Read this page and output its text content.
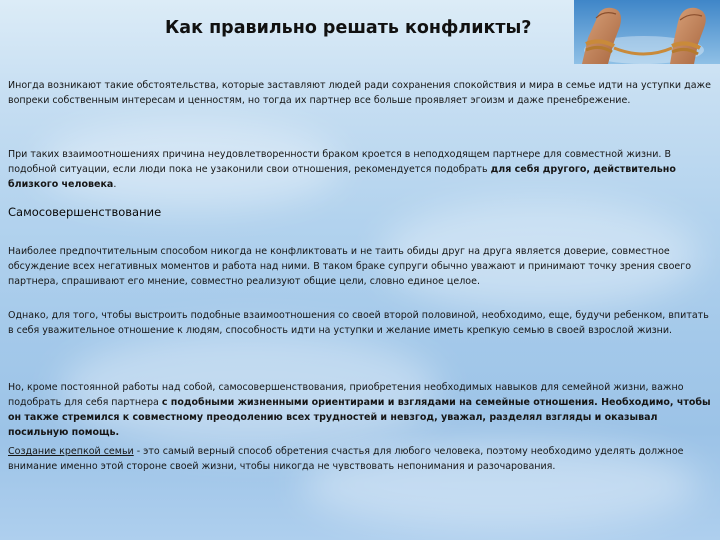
Как правильно решать конфликты?

Иногда возникают такие обстоятельства, которые заставляют людей ради сохранения спокойствия и мира в семье идти на уступки даже вопреки собственным интересам и ценностям, но тогда их партнер все больше проявляет эгоизм и даже пренебрежение.

При таких взаимоотношениях причина неудовлетворенности браком кроется в неподходящем партнере для совместной жизни. В подобной ситуации, если люди пока не узаконили свои отношения, рекомендуется подобрать для себя другого, действительно близкого человека.

Самосовершенствование

Наиболее предпочтительным способом никогда не конфликтовать и не таить обиды друг на друга является доверие, совместное обсуждение всех негативных моментов и работа над ними. В таком браке супруги обычно уважают и принимают точку зрения своего партнера, спрашивают его мнение, совместно реализуют общие цели, словно единое целое.

Однако, для того, чтобы выстроить подобные взаимоотношения со своей второй половиной, необходимо, еще, будучи ребенком, впитать в себя уважительное отношение к людям, способность идти на уступки и желание иметь крепкую семью в своей взрослой жизни.

Но, кроме постоянной работы над собой, самосовершенствования, приобретения необходимых навыков для семейной жизни, важно подобрать для себя партнера с подобными жизненными ориентирами и взглядами на семейные отношения. Необходимо, чтобы он также стремился к совместному преодолению всех трудностей и невзгод, уважал, разделял взгляды и оказывал посильную помощь.

Создание крепкой семьи - это самый верный способ обретения счастья для любого человека, поэтому необходимо уделять должное внимание именно этой стороне своей жизни, чтобы никогда не чувствовать непонимания и разочарования.
